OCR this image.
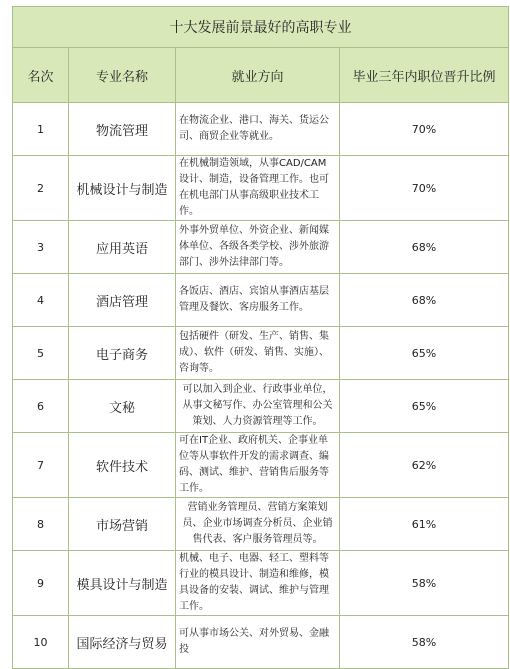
十大发展前景最好的高职专业			
名次	专业名称	就业方向	毕业三年内职位晋升比例
1	物流管理	在物流企业、港口、海关、货运公司、商贸企业等就业。	70%
2	机械设计与制造	在机械制造领域，从事CAD/CAM设计、制造，设备管理工作。也可在机电部门从事高级职业技术工作。	70%
3	应用英语	外事外贸单位、外资企业、新闻媒体单位、各级各类学校、涉外旅游部门、涉外法律部门等。	68%
4	酒店管理	各饭店、酒店、宾馆从事酒店基层管理及餐饮、客房服务工作。	68%
5	电子商务	包括硬件（研发、生产、销售、集成）、软件（研发、销售、实施）、咨询等。	65%
6	文秘	可以加入到企业、行政事业单位，从事文秘写作、办公室管理和公关策划、人力资源管理等工作。	65%
7	软件技术	可在IT企业、政府机关、企事业单位等从事软件开发的需求调查、编码、测试、维护、营销售后服务等工作。	62%
8	市场营销	营销业务管理员、营销方案策划员、企业市场调查分析员、企业销售代表、客户服务管理员等。	61%
9	模具设计与制造	机械、电子、电器、轻工、塑料等行业的模具设计、制造和维修，模具设备的安装、调试、维护与管理工作。	58%
10	国际经济与贸易	可从事市场公关、对外贸易、金融投	58%
